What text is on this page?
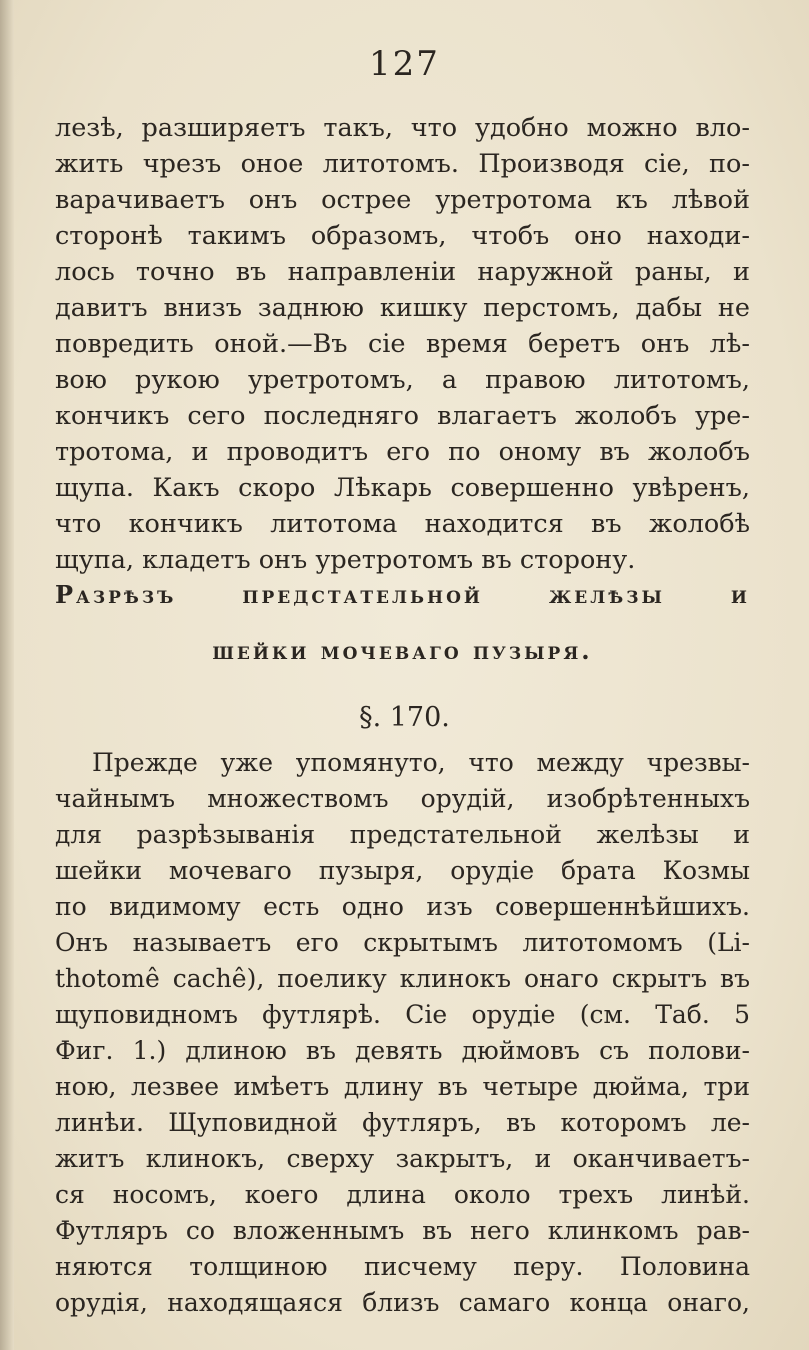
127
лезѣ, разширяетъ такъ, что удобно можно вло-
жить чрезъ оное литотомъ. Производя сіе, по-
варачиваетъ онъ острее уретротома къ лѣвой
сторонѣ такимъ образомъ, чтобъ оно находи-
лось точно въ направленіи наружной раны, и
давитъ внизъ заднюю кишку перстомъ, дабы не
повредить оной.—Въ сіе время беретъ онъ лѣ-
вою рукою уретротомъ, а правою литотомъ,
кончикъ сего последняго влагаетъ жолобъ уре-
тротома, и проводитъ его по оному въ жолобъ
щупа. Какъ скоро Лѣкарь совершенно увѣренъ,
что кончикъ литотома находится въ жолобѣ
щупа, кладетъ онъ уретротомъ въ сторону.
Разрѣзъ предстательной желѣзы и
шейки мочеваго пузыря.
§. 170.
Прежде уже упомянуто, что между чрезвы-
чайнымъ множествомъ орудій, изобрѣтенныхъ
для разрѣзыванія предстательной желѣзы и
шейки мочеваго пузыря, орудіе брата Козмы
по видимому есть одно изъ совершеннѣйшихъ.
Онъ называетъ его скрытымъ литотомомъ (Li-
thotomê cachê), поелику клинокъ онаго скрытъ въ
щуповидномъ футлярѣ. Сіе орудіе (см. Таб. 5
Фиг. 1.) длиною въ девять дюймовъ съ полови-
ною, лезвее имѣетъ длину въ четыре дюйма, три
линѣи. Щуповидной футляръ, въ которомъ ле-
житъ клинокъ, сверху закрытъ, и оканчиваетъ-
ся носомъ, коего длина около трехъ линѣй.
Футляръ со вложеннымъ въ него клинкомъ рав-
няются толщиною писчему перу. Половина
орудія, находящаяся близъ самаго конца онаго,
